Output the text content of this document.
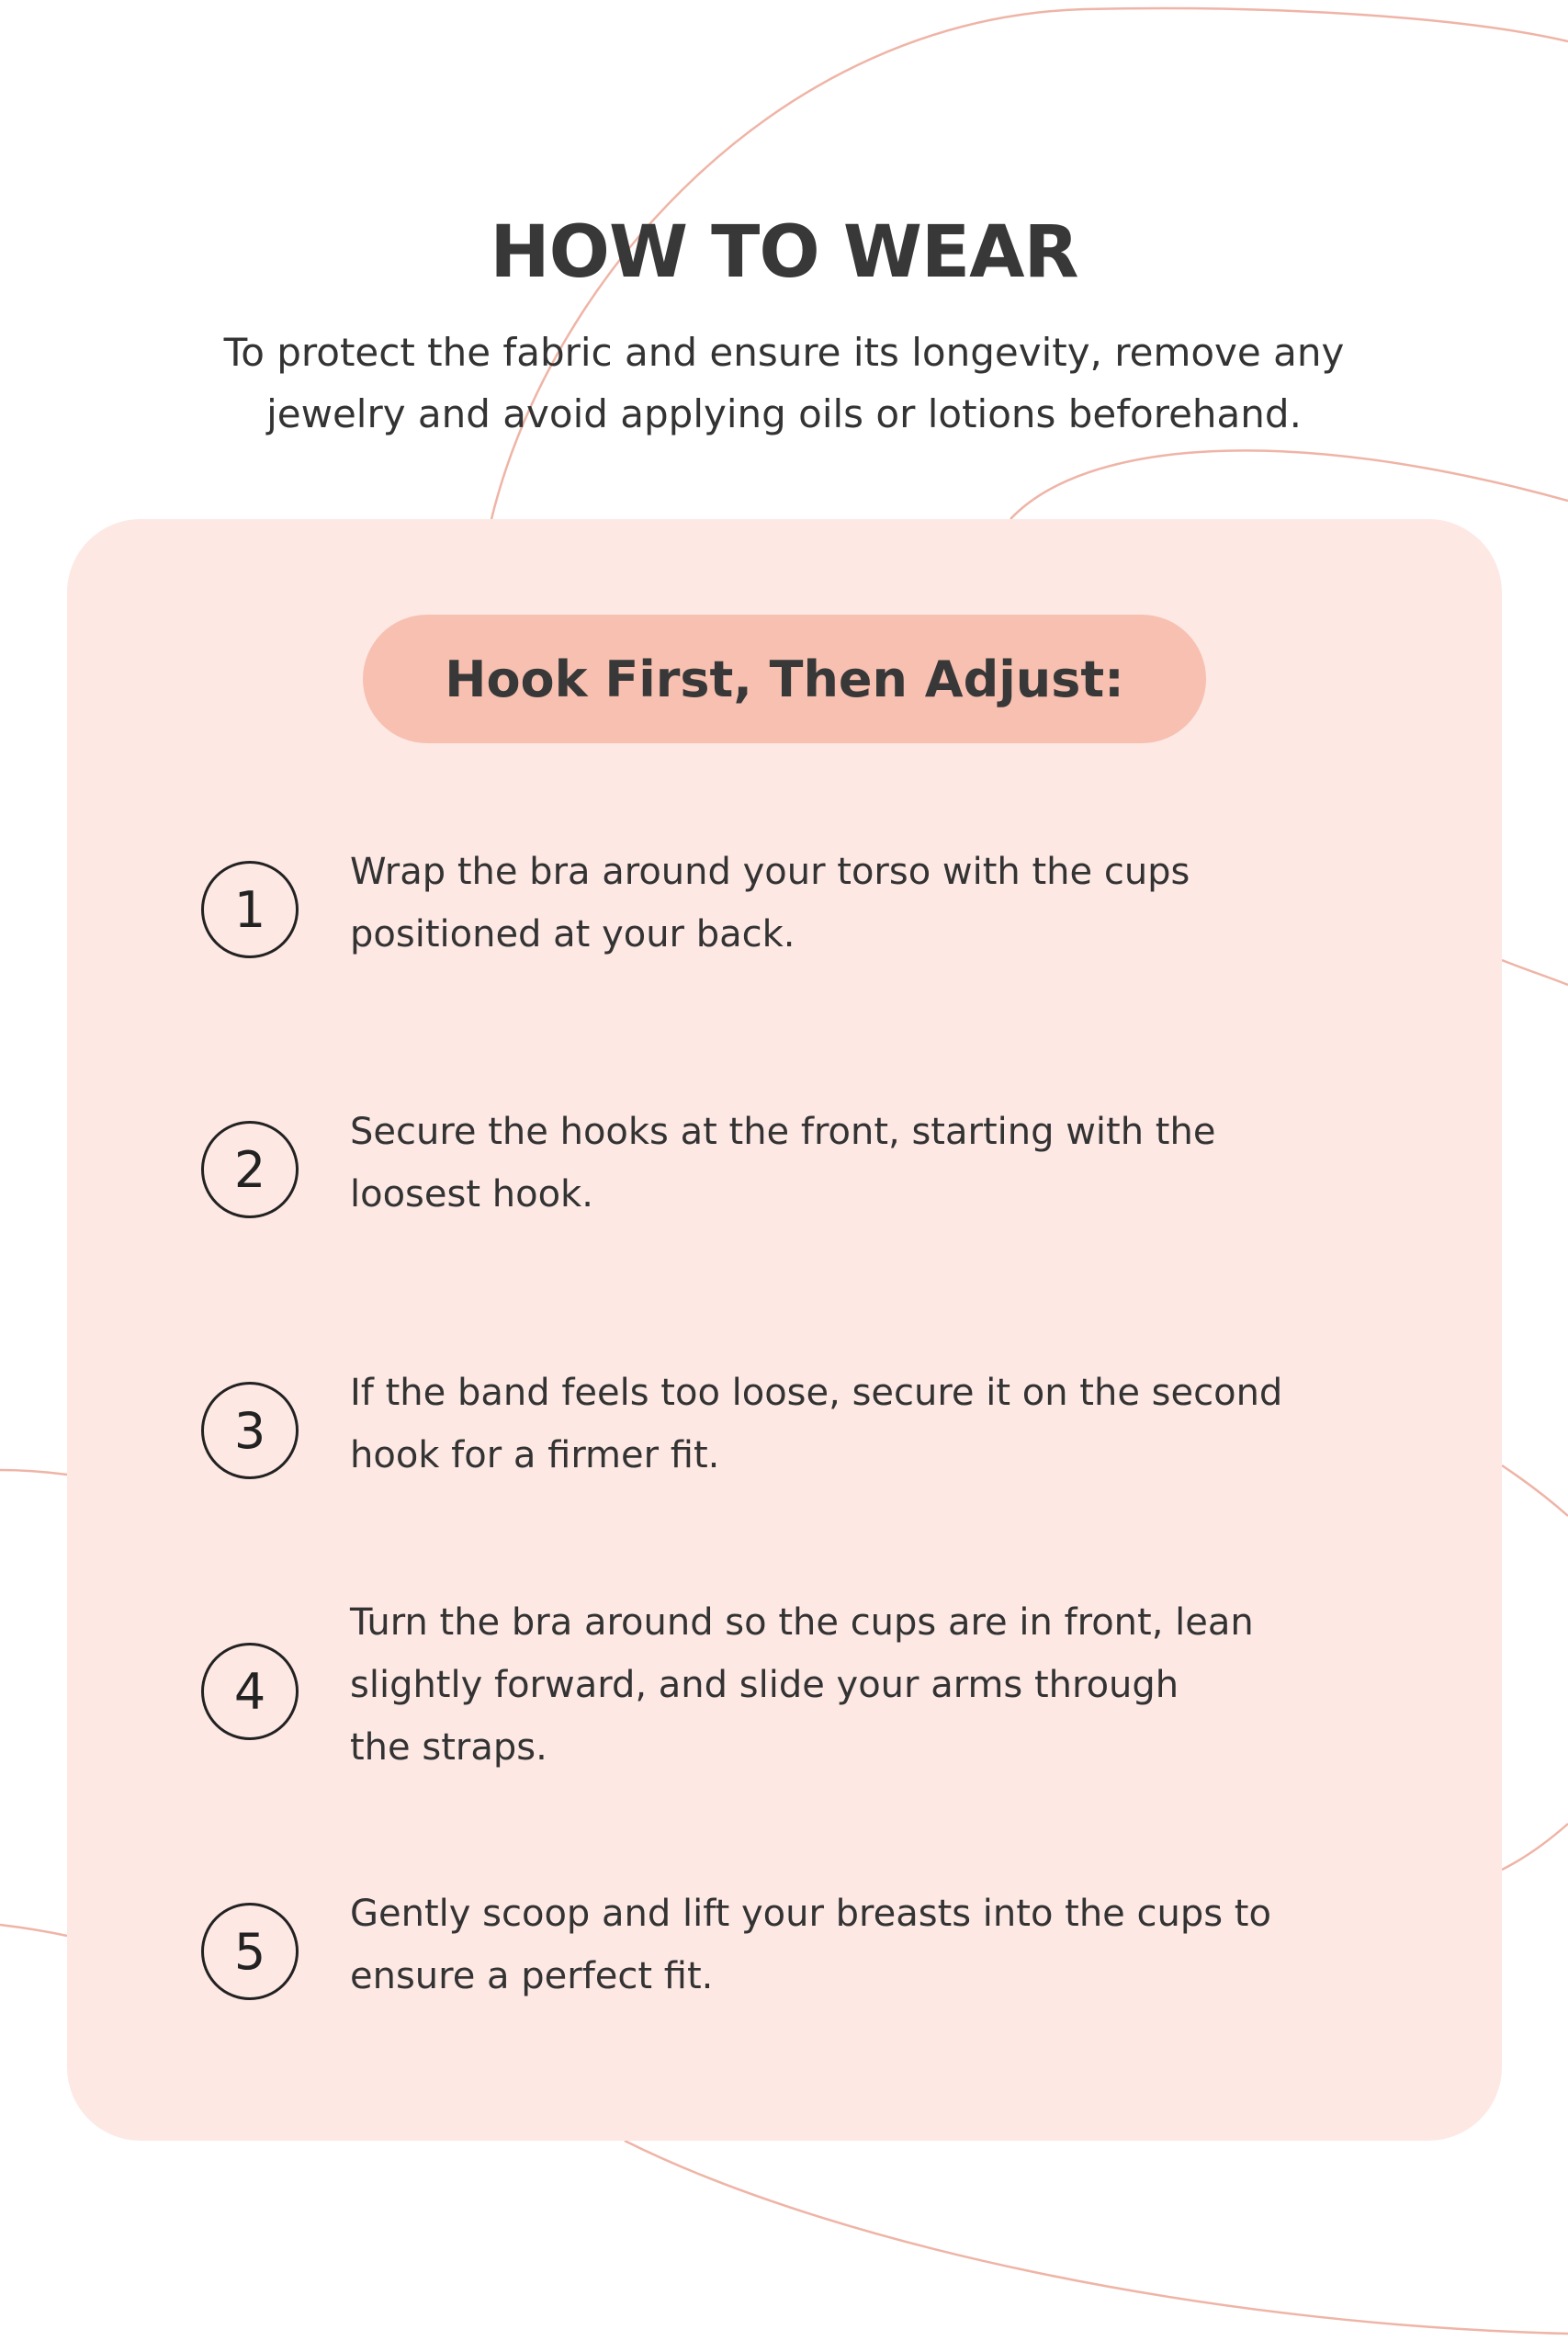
HOW TO WEAR

To protect the fabric and ensure its longevity, remove any
jewelry and avoid applying oils or lotions beforehand.

Hook First, Then Adjust:
1

Wrap the bra around your torso with the cups
positioned at your back.

2

Secure the hooks at the front, starting with the
loosest hook.

3

If the band feels too loose, secure it on the second
hook for a firmer fit.

4

Turn the bra around so the cups are in front, lean
slightly forward, and slide your arms through
the straps.

5

Gently scoop and lift your breasts into the cups to
ensure a perfect fit.
